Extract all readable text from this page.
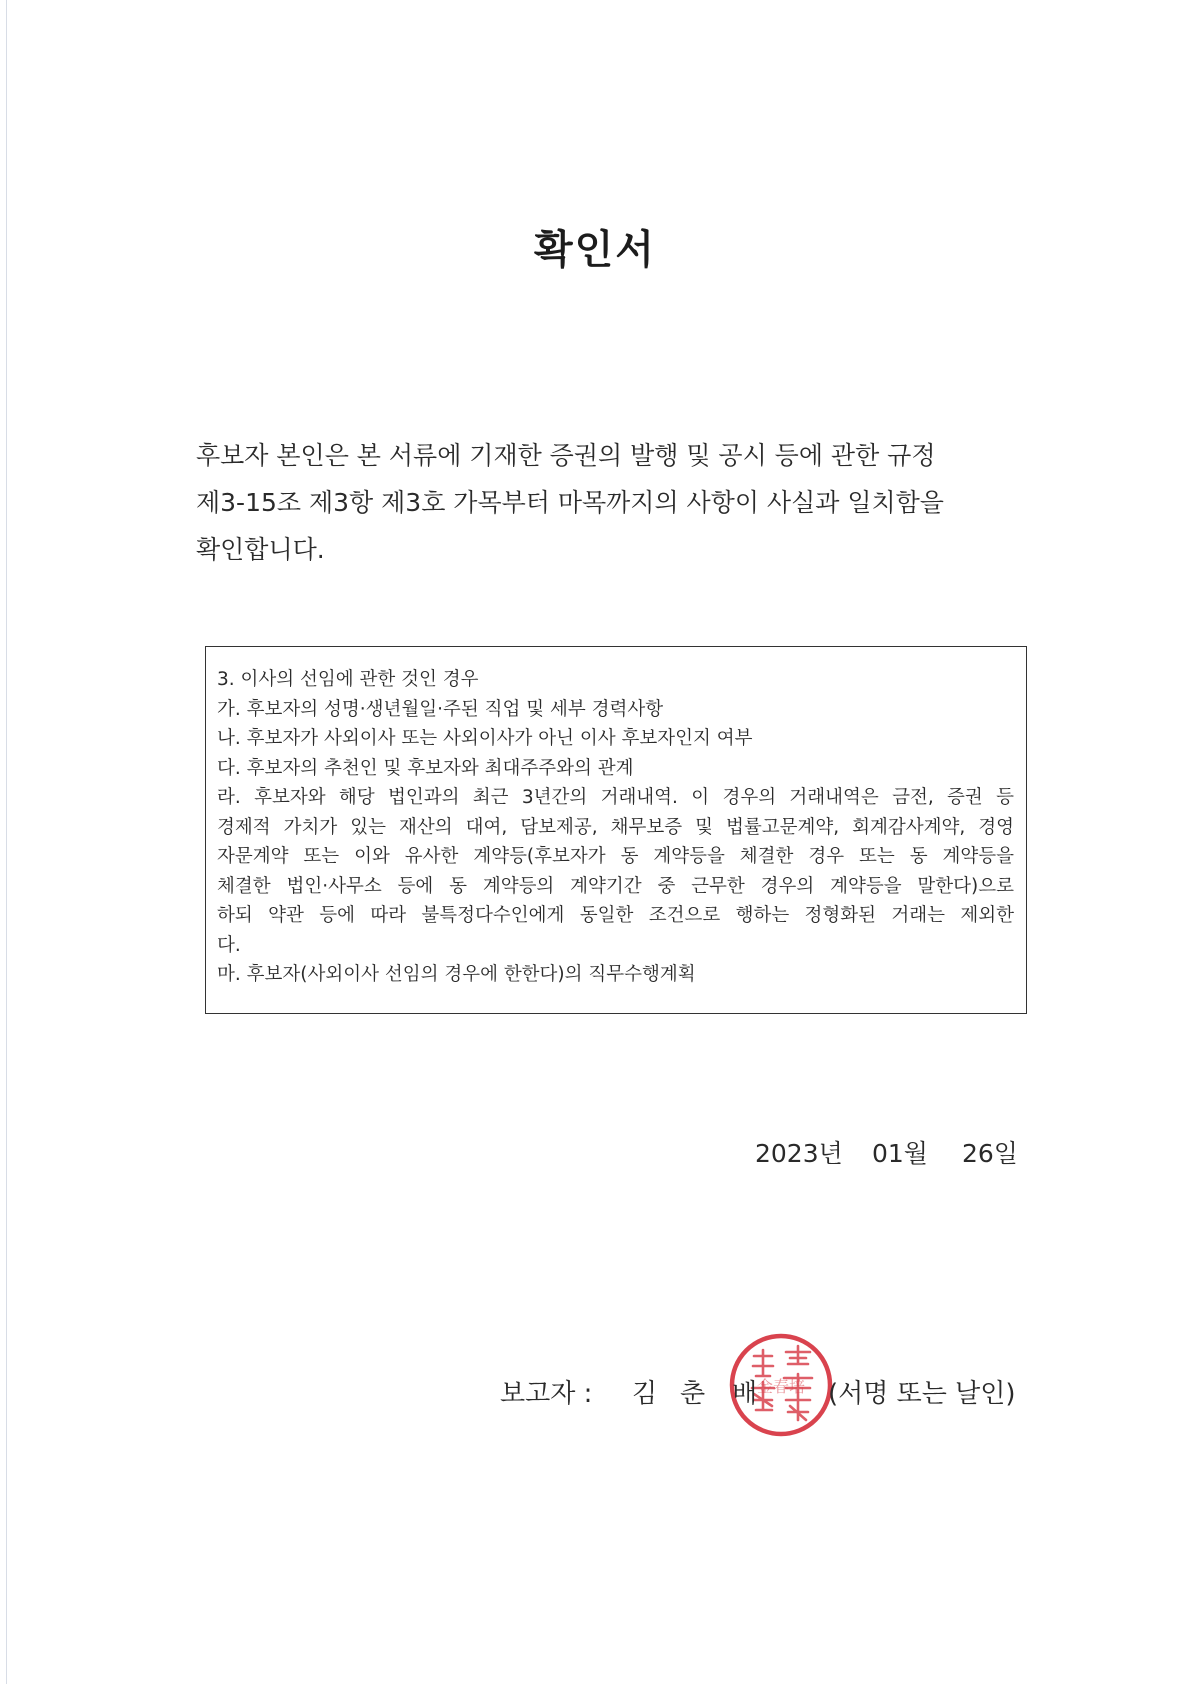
확인서

후보자 본인은 본 서류에 기재한 증권의 발행 및 공시 등에 관한 규정

제3-15조 제3항 제3호 가목부터 마목까지의 사항이 사실과 일치함을

확인합니다.

3. 이사의 선임에 관한 것인 경우
가. 후보자의 성명·생년월일·주된 직업 및 세부 경력사항
나. 후보자가 사외이사 또는 사외이사가 아닌 이사 후보자인지 여부
다. 후보자의 추천인 및 후보자와 최대주주와의 관계
라. 후보자와 해당 법인과의 최근 3년간의 거래내역. 이 경우의 거래내역은 금전, 증권 등
경제적 가치가 있는 재산의 대여, 담보제공, 채무보증 및 법률고문계약, 회계감사계약, 경영
자문계약 또는 이와 유사한 계약등(후보자가 동 계약등을 체결한 경우 또는 동 계약등을
체결한 법인·사무소 등에 동 계약등의 계약기간 중 근무한 경우의 계약등을 말한다)으로
하되 약관 등에 따라 불특정다수인에게 동일한 조건으로 행하는 정형화된 거래는 제외한
다.
마. 후보자(사외이사 선임의 경우에 한한다)의 직무수행계획
2023년 01월 26일
보고자 : 김 춘	金春培
배	(서명 또는 날인)
